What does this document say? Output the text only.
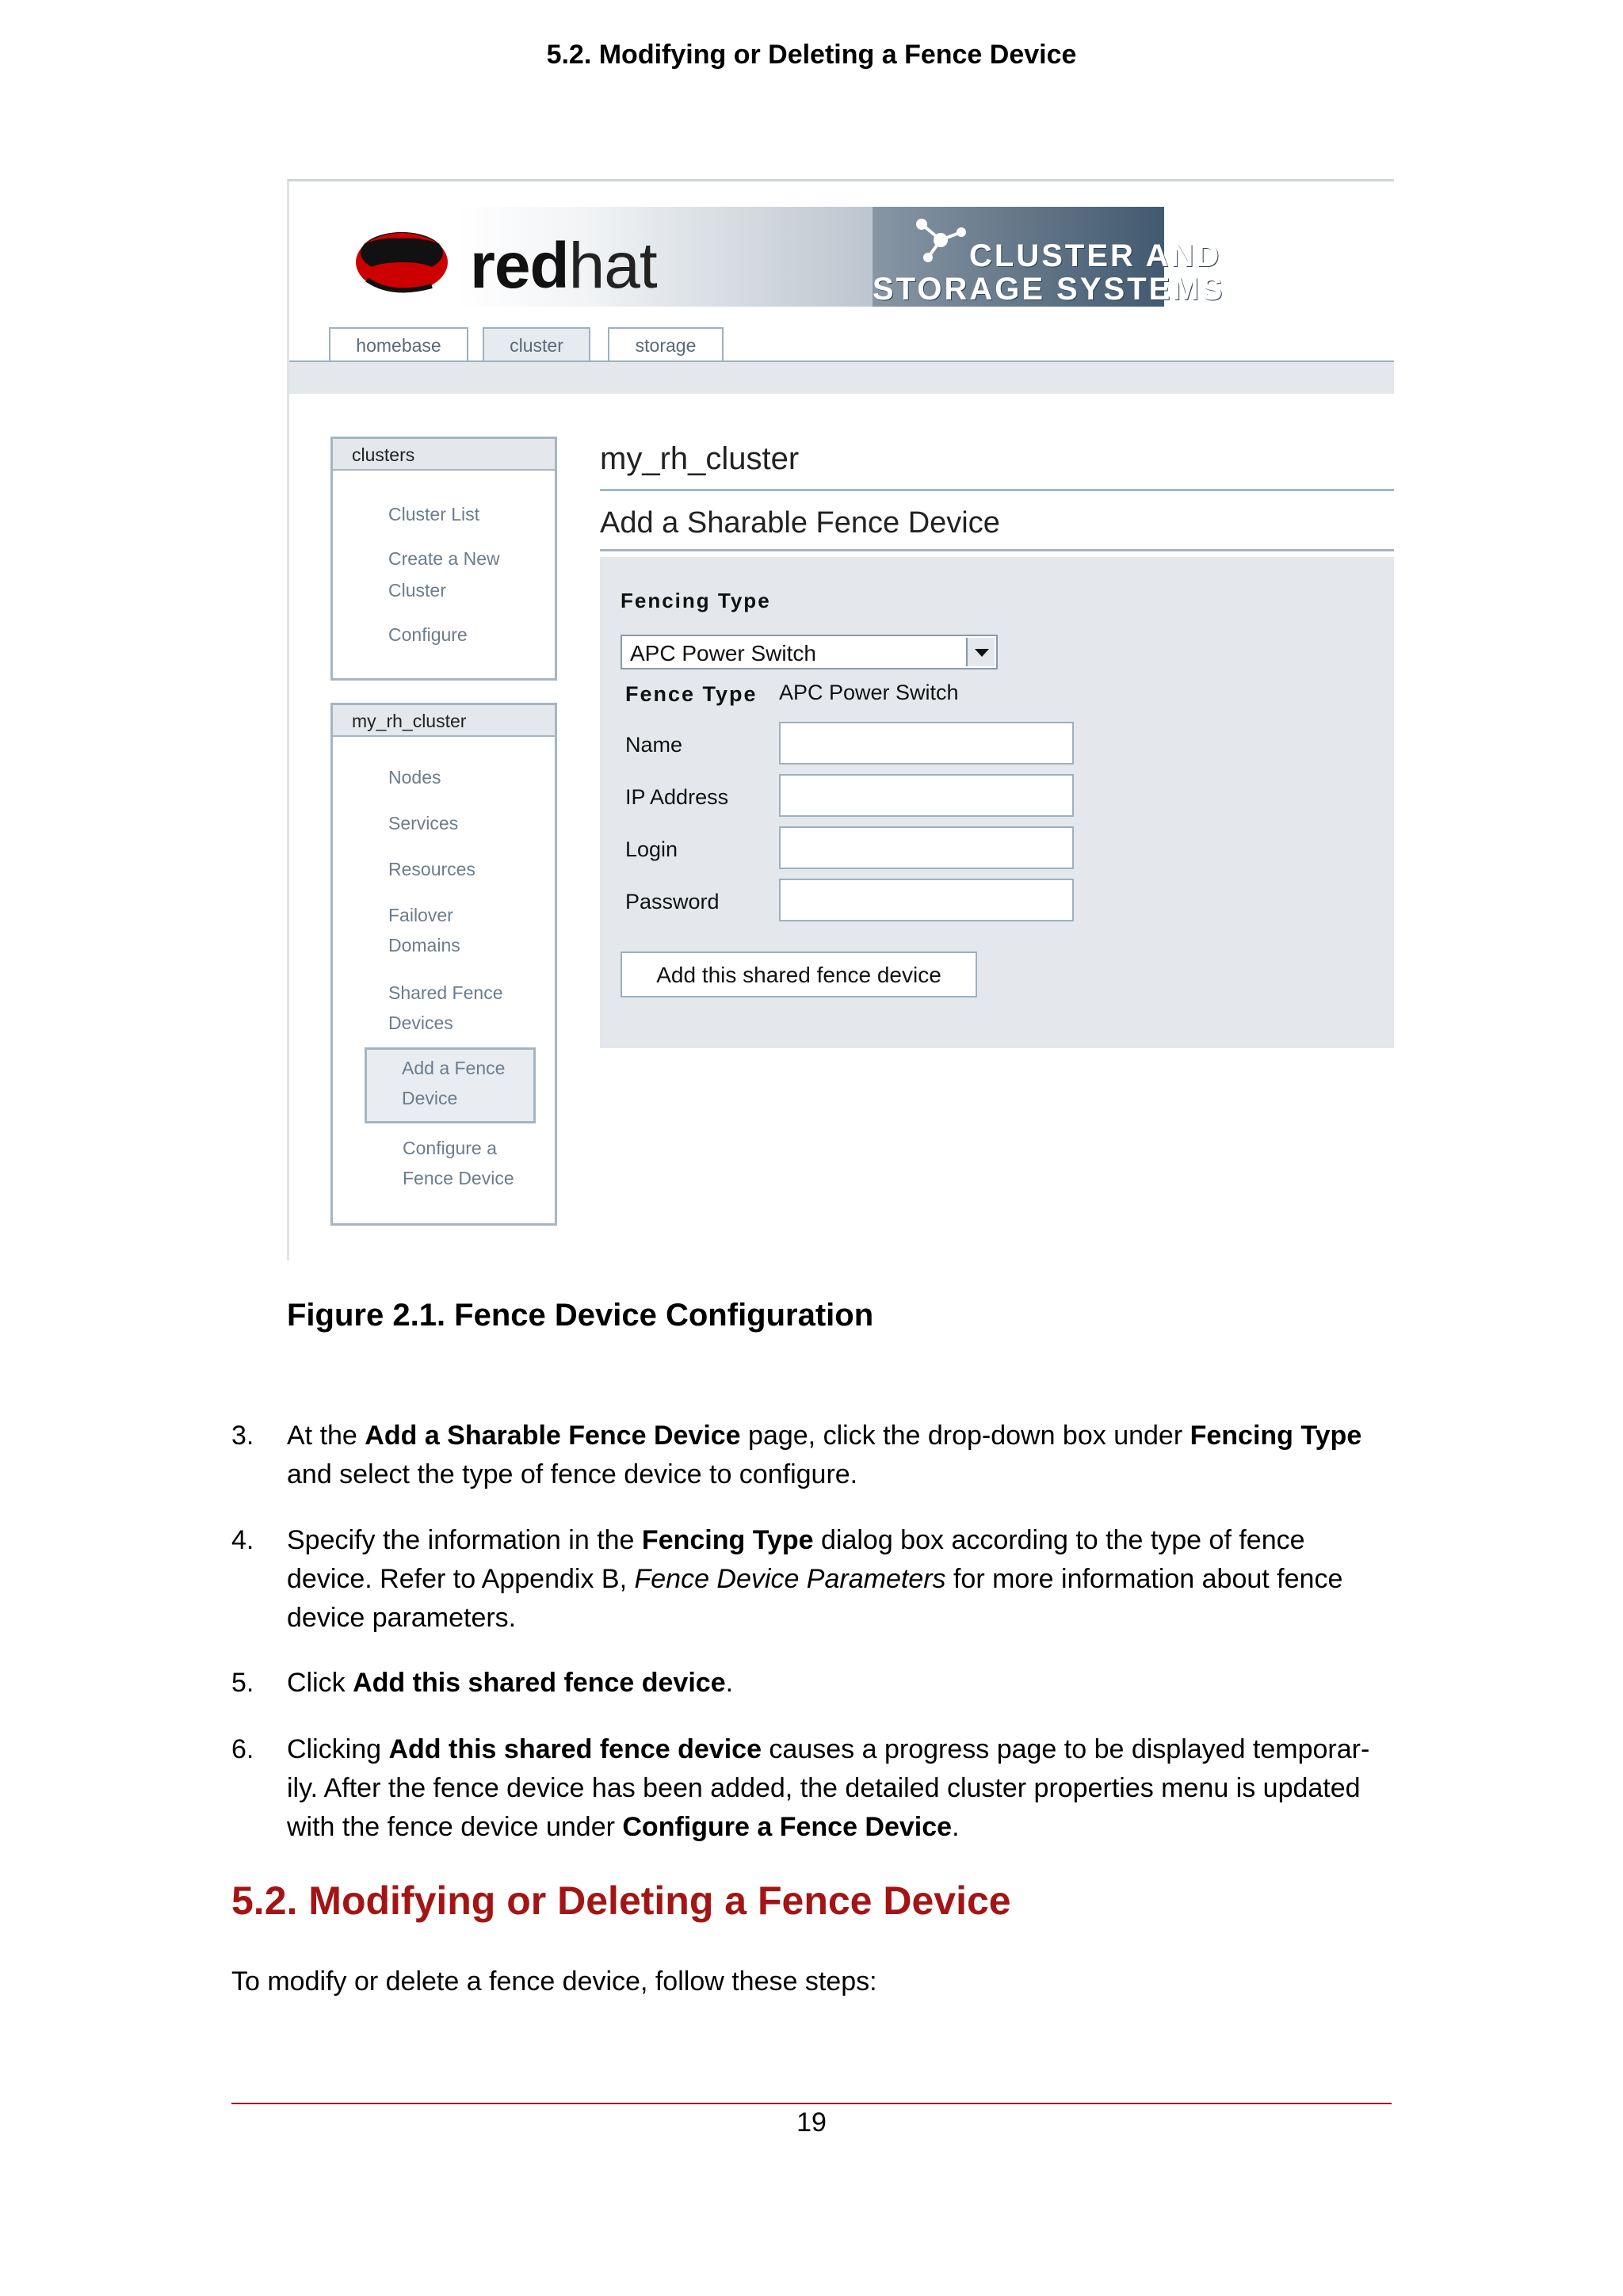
5.2. Modifying or Deleting a Fence Device
CLUSTER AND
STORAGE SYSTEMS
redhat
homebase	cluster	storage
clusters
Cluster List
Create a New
Cluster
Configure
my_rh_cluster
Nodes
Services
Resources
Failover
Domains
Shared Fence
Devices
Add a Fence
Device
Configure a
Fence Device
my_rh_cluster
Add a Sharable Fence Device
Fencing Type
APC Power Switch
Fence Type APC Power Switch
Name
IP Address
Login
Password
Add this shared fence device
Figure 2.1. Fence Device Configuration
3. At the Add a Sharable Fence Device page, click the drop-down box under Fencing Type and select the type of fence device to configure.
4. Specify the information in the Fencing Type dialog box according to the type of fence device. Refer to Appendix B, Fence Device Parameters for more information about fence device parameters.
5. Click Add this shared fence device.
6. Clicking Add this shared fence device causes a progress page to be displayed temporar-ily. After the fence device has been added, the detailed cluster properties menu is updated with the fence device under Configure a Fence Device.
5.2. Modifying or Deleting a Fence Device
To modify or delete a fence device, follow these steps:
19
